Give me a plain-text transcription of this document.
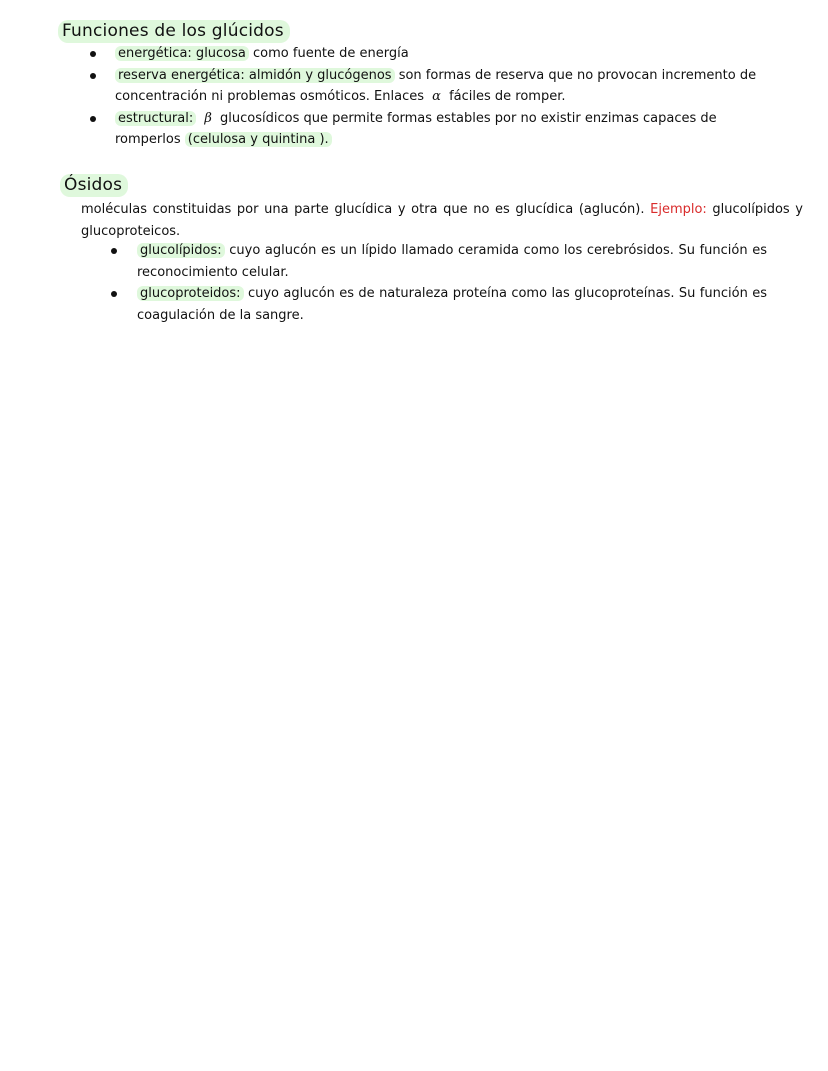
Funciones de los glúcidos
energética: glucosa como fuente de energía
reserva energética: almidón y glucógenos son formas de reserva que no provocan incremento de concentración ni problemas osmóticos. Enlaces α fáciles de romper.
estructural: β glucosídicos que permite formas estables por no existir enzimas capaces de romperlos (celulosa y quintina ).
Ósidos
moléculas constituidas por una parte glucídica y otra que no es glucídica (aglucón). Ejemplo: glucolípidos y glucoproteicos.
glucolípidos: cuyo aglucón es un lípido llamado ceramida como los cerebrósidos. Su función es reconocimiento celular.
glucoproteidos: cuyo aglucón es de naturaleza proteína como las glucoproteínas. Su función es coagulación de la sangre.
